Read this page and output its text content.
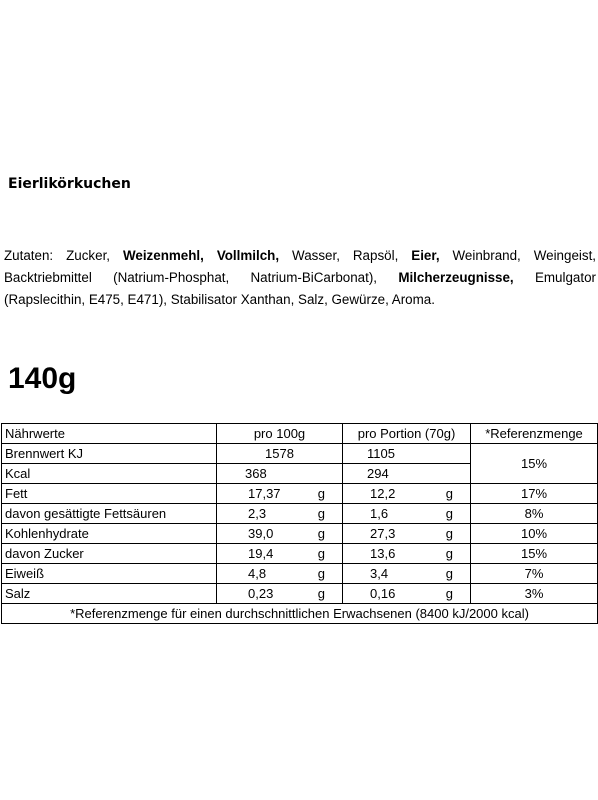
Eierlikörkuchen
Zutaten: Zucker, Weizenmehl, Vollmilch, Wasser, Rapsöl, Eier, Weinbrand, Weingeist, Backtriebmittel (Natrium-Phosphat, Natrium-BiCarbonat), Milcherzeugnisse, Emulgator (Rapslecithin, E475, E471), Stabilisator Xanthan, Salz, Gewürze, Aroma.
140g
Nährwerte	pro 100g	pro Portion (70g)	*Referenzmenge
Brennwert KJ	1578	1105	15%
Kcal	368	294	
Fett	17,37 g	12,2 g	17%
davon gesättigte Fettsäuren	2,3 g	1,6 g	8%
Kohlenhydrate	39,0 g	27,3 g	10%
davon Zucker	19,4 g	13,6 g	15%
Eiweiß	4,8 g	3,4 g	7%
Salz	0,23 g	0,16 g	3%
*Referenzmenge für einen durchschnittlichen Erwachsenen (8400 kJ/2000 kcal)			
